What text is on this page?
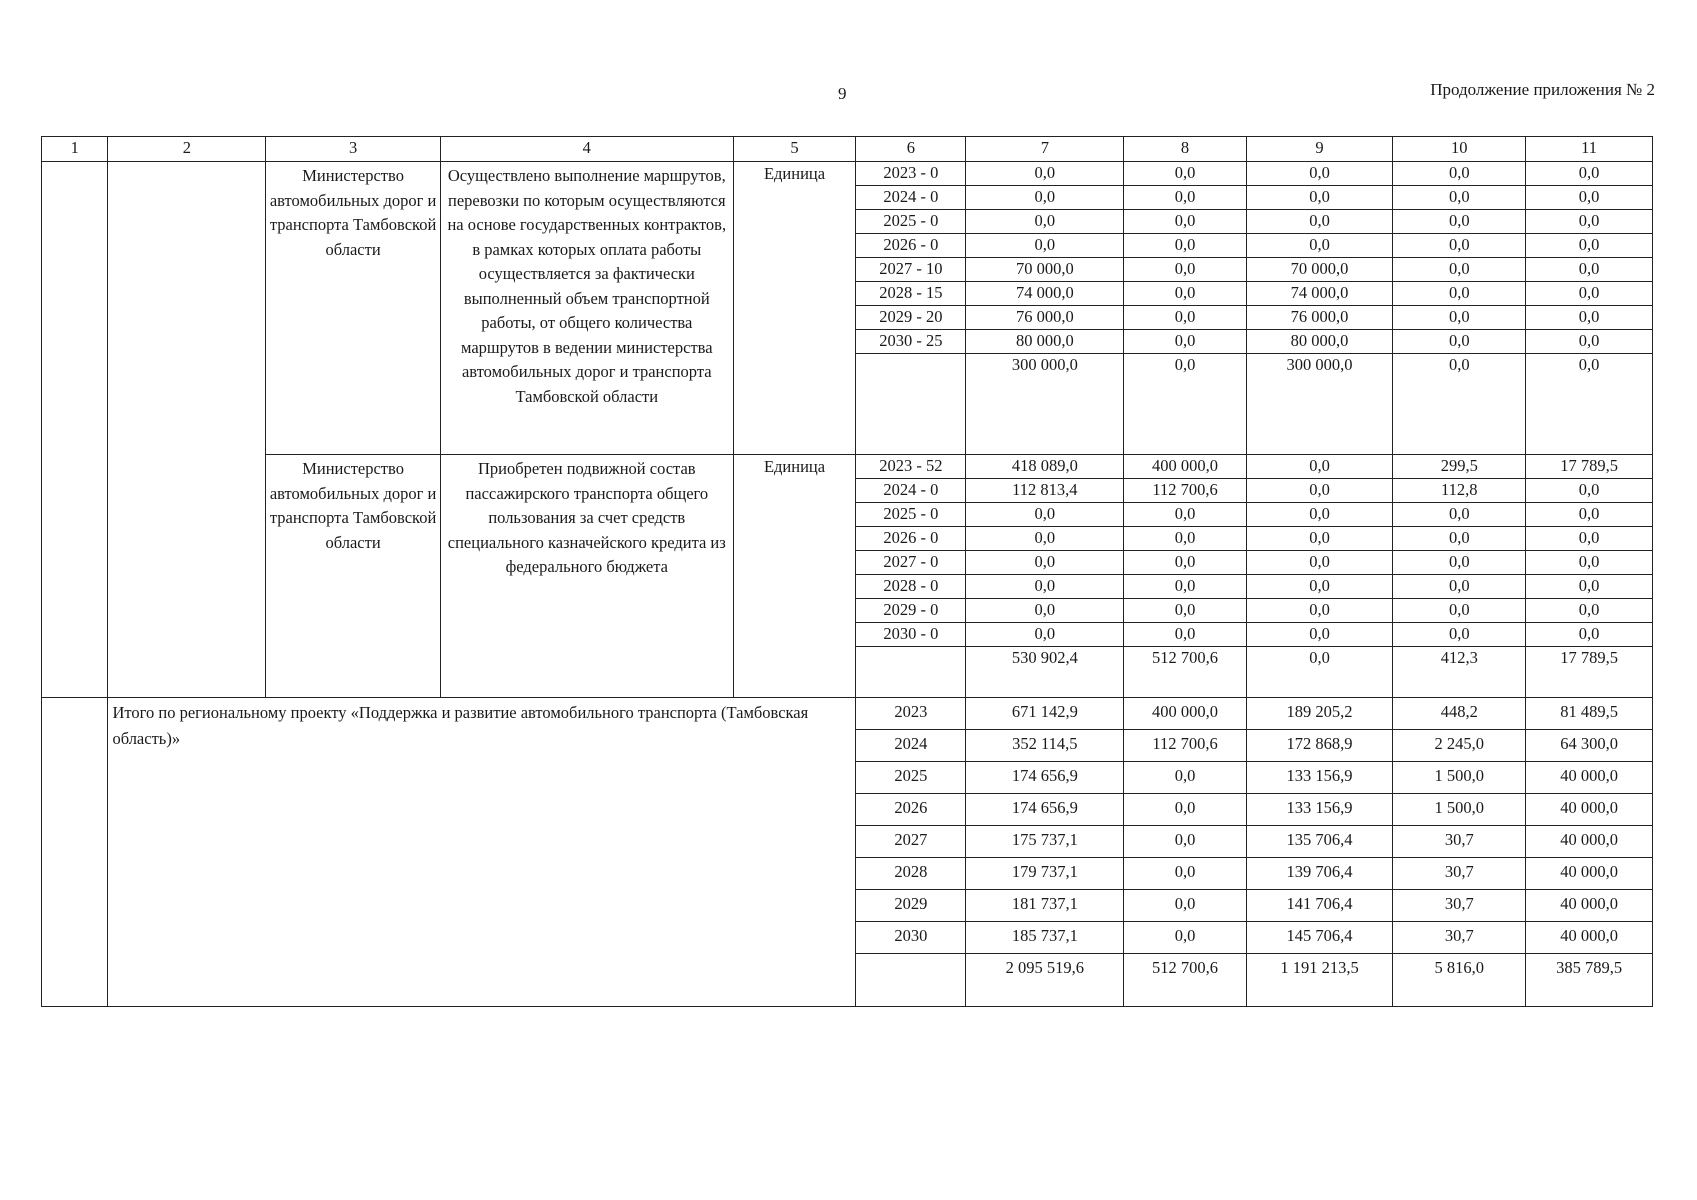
9	Продолжение приложения № 2
1	2	3	4	5	6	7	8	9	10	11
		Министерство автомобильных дорог и транспорта Тамбовской области	Осуществлено выполнение маршрутов, перевозки по которым осуществляются на основе государственных контрактов, в рамках которых оплата работы осуществляется за фактически выполненный объем транспортной работы, от общего количества маршрутов в ведении министерства автомобильных дорог и транспорта Тамбовской области	Единица	2023 - 0	0,0	0,0	0,0	0,0	0,0
					2024 - 0	0,0	0,0	0,0	0,0	0,0
					2025 - 0	0,0	0,0	0,0	0,0	0,0
					2026 - 0	0,0	0,0	0,0	0,0	0,0
					2027 - 10	70 000,0	0,0	70 000,0	0,0	0,0
					2028 - 15	74 000,0	0,0	74 000,0	0,0	0,0
					2029 - 20	76 000,0	0,0	76 000,0	0,0	0,0
					2030 - 25	80 000,0	0,0	80 000,0	0,0	0,0
						300 000,0	0,0	300 000,0	0,0	0,0
		Министерство автомобильных дорог и транспорта Тамбовской области	Приобретен подвижной состав пассажирского транспорта общего пользования за счет средств специального казначейского кредита из федерального бюджета	Единица	2023 - 52	418 089,0	400 000,0	0,0	299,5	17 789,5
					2024 - 0	112 813,4	112 700,6	0,0	112,8	0,0
					2025 - 0	0,0	0,0	0,0	0,0	0,0
					2026 - 0	0,0	0,0	0,0	0,0	0,0
					2027 - 0	0,0	0,0	0,0	0,0	0,0
					2028 - 0	0,0	0,0	0,0	0,0	0,0
					2029 - 0	0,0	0,0	0,0	0,0	0,0
					2030 - 0	0,0	0,0	0,0	0,0	0,0
						530 902,4	512 700,6	0,0	412,3	17 789,5
	Итого по региональному проекту «Поддержка и развитие автомобильного транспорта (Тамбовская область)»				2023	671 142,9	400 000,0	189 205,2	448,2	81 489,5
					2024	352 114,5	112 700,6	172 868,9	2 245,0	64 300,0
					2025	174 656,9	0,0	133 156,9	1 500,0	40 000,0
					2026	174 656,9	0,0	133 156,9	1 500,0	40 000,0
					2027	175 737,1	0,0	135 706,4	30,7	40 000,0
					2028	179 737,1	0,0	139 706,4	30,7	40 000,0
					2029	181 737,1	0,0	141 706,4	30,7	40 000,0
					2030	185 737,1	0,0	145 706,4	30,7	40 000,0
						2 095 519,6	512 700,6	1 191 213,5	5 816,0	385 789,5
